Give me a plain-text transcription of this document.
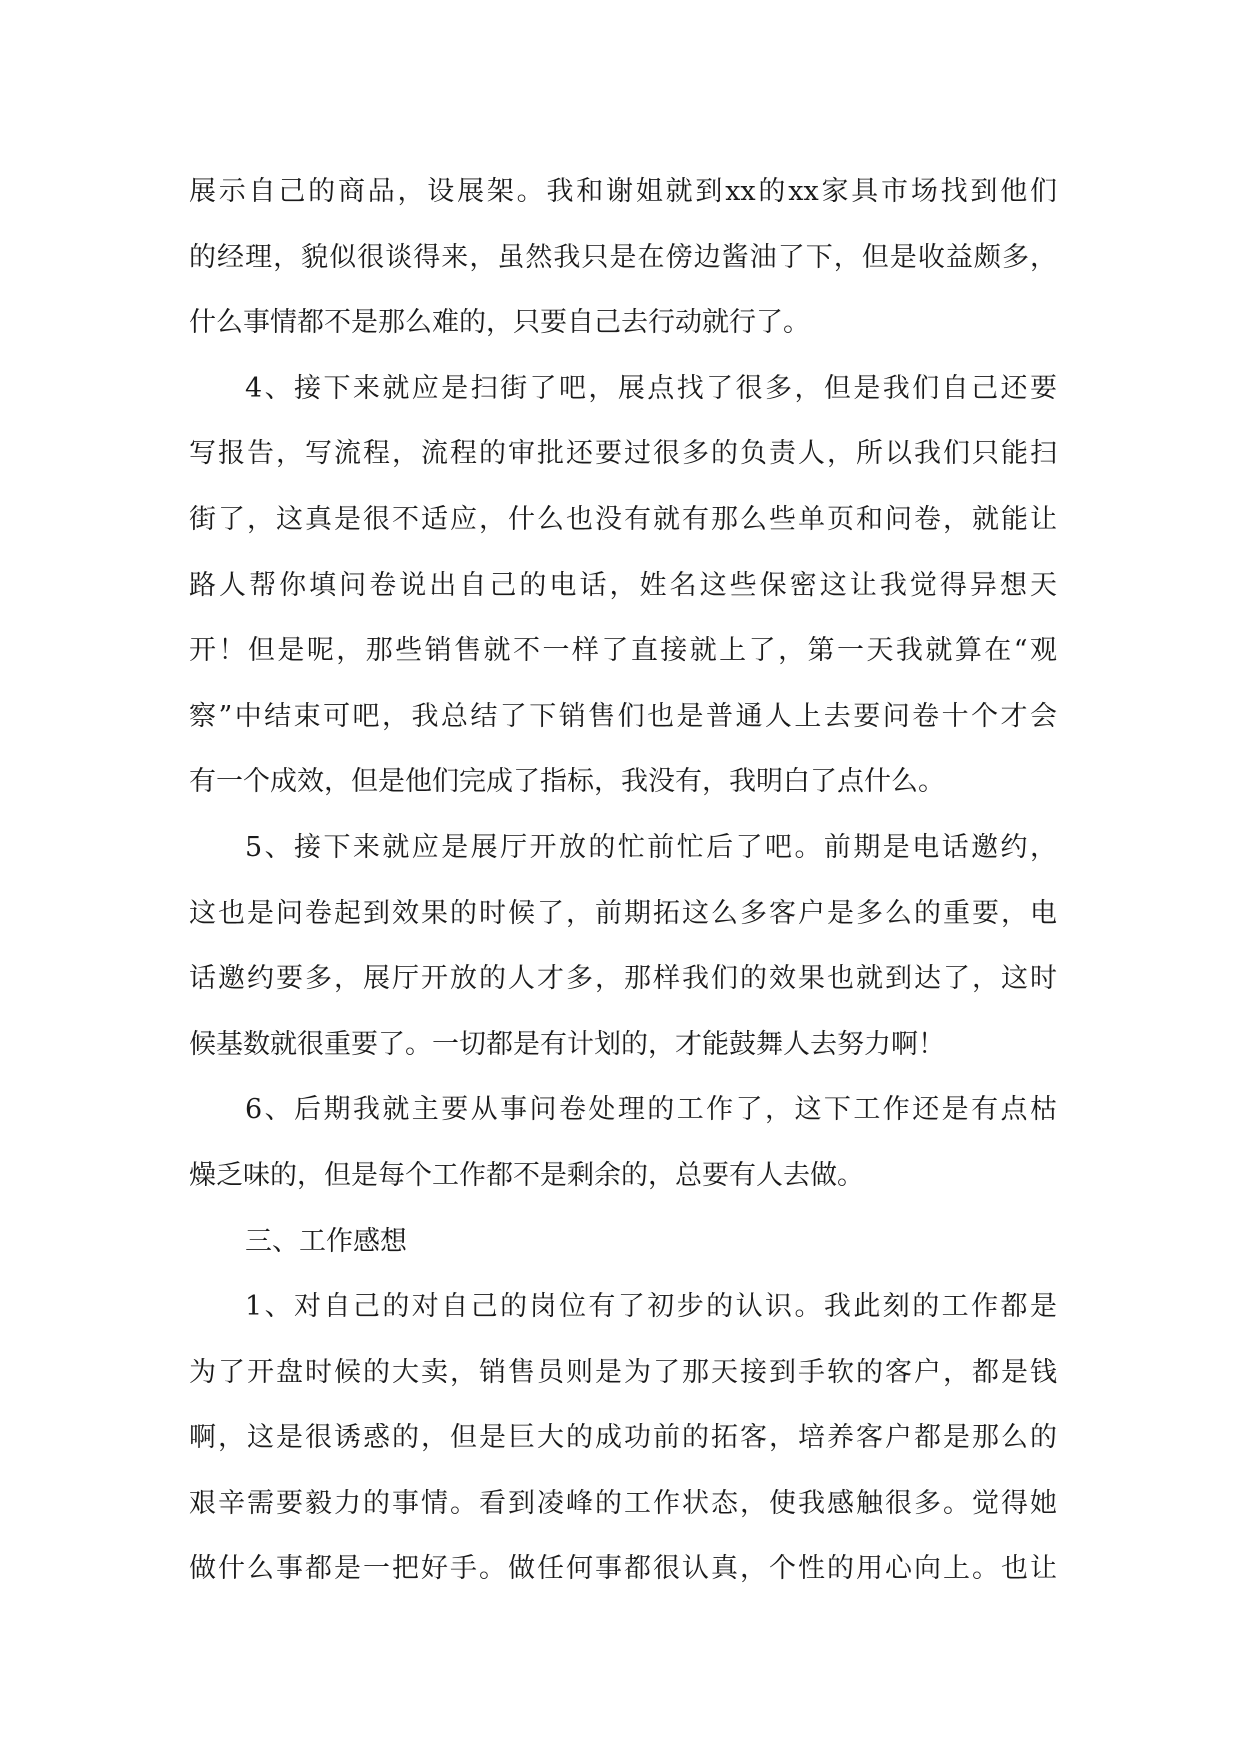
展示自己的商品，设展架。我和谢姐就到xx的xx家具市场找到他们
的经理，貌似很谈得来，虽然我只是在傍边酱油了下，但是收益颇多，
什么事情都不是那么难的，只要自己去行动就行了。
4、接下来就应是扫街了吧，展点找了很多，但是我们自己还要
写报告，写流程，流程的审批还要过很多的负责人，所以我们只能扫
街了，这真是很不适应，什么也没有就有那么些单页和问卷，就能让
路人帮你填问卷说出自己的电话，姓名这些保密这让我觉得异想天
开！但是呢，那些销售就不一样了直接就上了，第一天我就算在“观
察”中结束可吧，我总结了下销售们也是普通人上去要问卷十个才会
有一个成效，但是他们完成了指标，我没有，我明白了点什么。
5、接下来就应是展厅开放的忙前忙后了吧。前期是电话邀约，
这也是问卷起到效果的时候了，前期拓这么多客户是多么的重要，电
话邀约要多，展厅开放的人才多，那样我们的效果也就到达了，这时
候基数就很重要了。一切都是有计划的，才能鼓舞人去努力啊！
6、后期我就主要从事问卷处理的工作了，这下工作还是有点枯
燥乏味的，但是每个工作都不是剩余的，总要有人去做。
三、工作感想
1、对自己的对自己的岗位有了初步的认识。我此刻的工作都是
为了开盘时候的大卖，销售员则是为了那天接到手软的客户，都是钱
啊，这是很诱惑的，但是巨大的成功前的拓客，培养客户都是那么的
艰辛需要毅力的事情。看到凌峰的工作状态，使我感触很多。觉得她
做什么事都是一把好手。做任何事都很认真，个性的用心向上。也让
